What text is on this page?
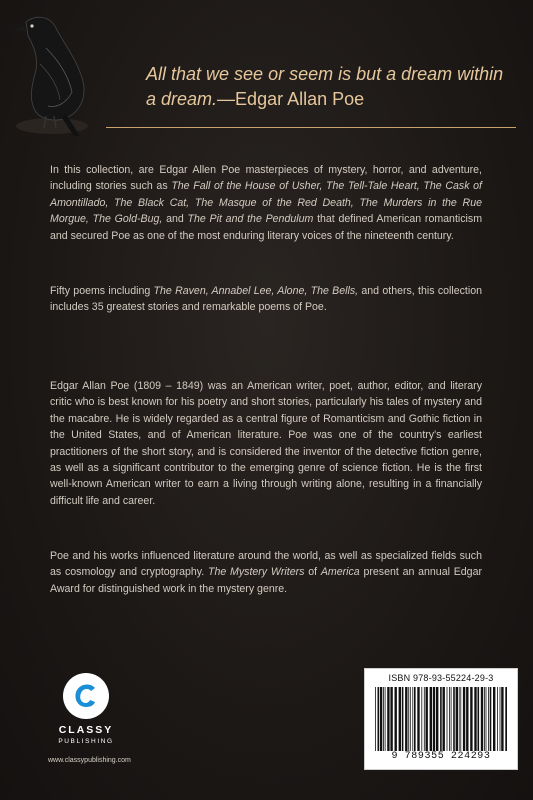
All that we see or seem is but a dream within a dream.—Edgar Allan Poe

In this collection, are Edgar Allen Poe masterpieces of mystery, horror, and adventure, including stories such as The Fall of the House of Usher, The Tell-Tale Heart, The Cask of Amontillado, The Black Cat, The Masque of the Red Death, The Murders in the Rue Morgue, The Gold-Bug, and The Pit and the Pendulum that defined American romanticism and secured Poe as one of the most enduring literary voices of the nineteenth century.

Fifty poems including The Raven, Annabel Lee, Alone, The Bells, and others, this collection includes 35 greatest stories and remarkable poems of Poe.

Edgar Allan Poe (1809 – 1849) was an American writer, poet, author, editor, and literary critic who is best known for his poetry and short stories, particularly his tales of mystery and the macabre. He is widely regarded as a central figure of Romanticism and Gothic fiction in the United States, and of American literature. Poe was one of the country's earliest practitioners of the short story, and is considered the inventor of the detective fiction genre, as well as a significant contributor to the emerging genre of science fiction. He is the first well-known American writer to earn a living through writing alone, resulting in a financially difficult life and career.

Poe and his works influenced literature around the world, as well as specialized fields such as cosmology and cryptography. The Mystery Writers of America present an annual Edgar Award for distinguished work in the mystery genre.

CLASSY
PUBLISHING
www.classypublishing.com
ISBN 978-93-55224-29-3
9 789355 224293
